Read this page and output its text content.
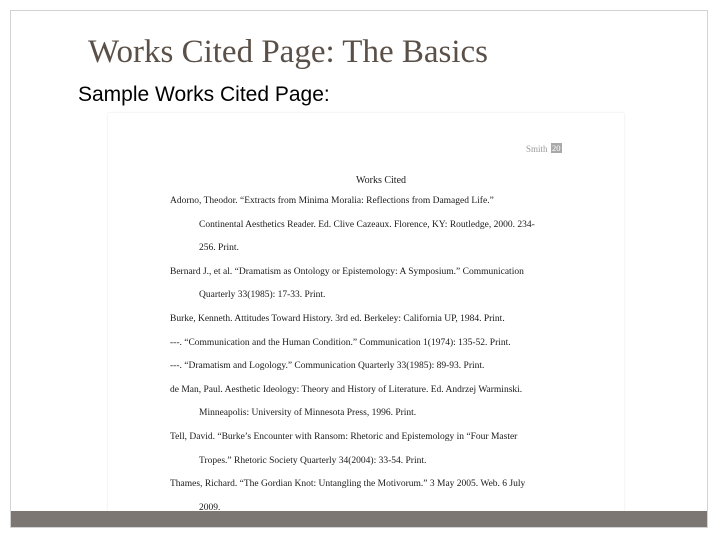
Works Cited Page: The Basics
Sample Works Cited Page:
Smith 20
Works Cited
Adorno, Theodor. “Extracts from Minima Moralia: Reflections from Damaged Life.”
Continental Aesthetics Reader. Ed. Clive Cazeaux. Florence, KY: Routledge, 2000. 234-
256. Print.
Bernard J., et al. “Dramatism as Ontology or Epistemology: A Symposium.” Communication
Quarterly 33(1985): 17-33. Print.
Burke, Kenneth. Attitudes Toward History. 3rd ed. Berkeley: California UP, 1984. Print.
---. “Communication and the Human Condition.” Communication 1(1974): 135-52. Print.
---. “Dramatism and Logology.” Communication Quarterly 33(1985): 89-93. Print.
de Man, Paul. Aesthetic Ideology: Theory and History of Literature. Ed. Andrzej Warminski.
Minneapolis: University of Minnesota Press, 1996. Print.
Tell, David. “Burke’s Encounter with Ransom: Rhetoric and Epistemology in “Four Master
Tropes.” Rhetoric Society Quarterly 34(2004): 33-54. Print.
Thames, Richard. “The Gordian Knot: Untangling the Motivorum.” 3 May 2005. Web. 6 July
2009.
